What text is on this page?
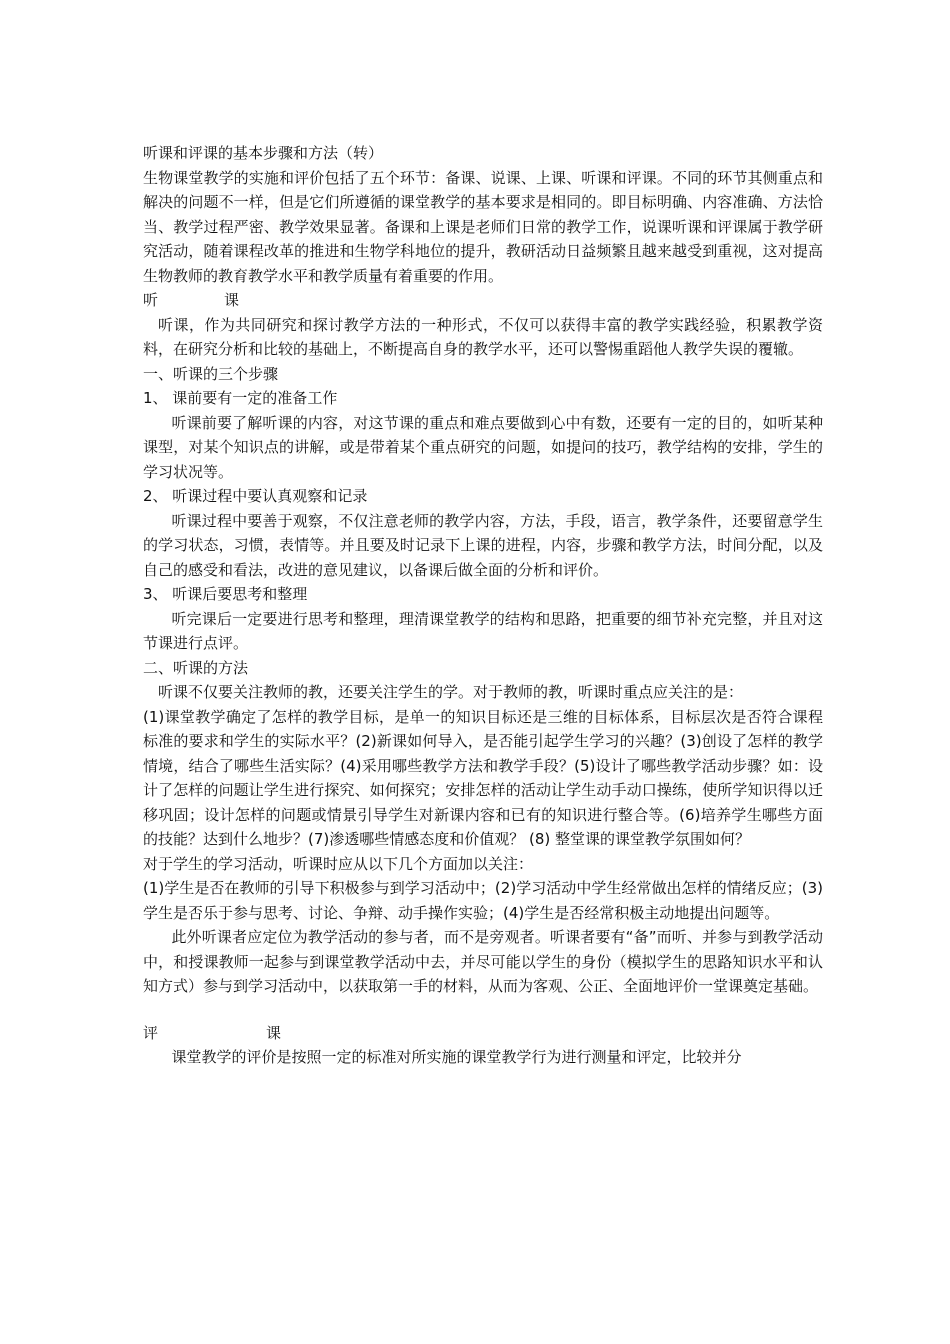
听课和评课的基本步骤和方法（转）

生物课堂教学的实施和评价包括了五个环节：备课、说课、上课、听课和评课。不同的环节其侧重点和解决的问题不一样，但是它们所遵循的课堂教学的基本要求是相同的。即目标明确、内容准确、方法恰当、教学过程严密、教学效果显著。备课和上课是老师们日常的教学工作，说课听课和评课属于教学研究活动，随着课程改革的推进和生物学科地位的提升，教研活动日益频繁且越来越受到重视，这对提高生物教师的教育教学水平和教学质量有着重要的作用。

听	课

听课，作为共同研究和探讨教学方法的一种形式，不仅可以获得丰富的教学实践经验，积累教学资料，在研究分析和比较的基础上，不断提高自身的教学水平，还可以警惕重蹈他人教学失误的覆辙。

一、听课的三个步骤

1、 课前要有一定的准备工作

听课前要了解听课的内容，对这节课的重点和难点要做到心中有数，还要有一定的目的，如听某种课型，对某个知识点的讲解，或是带着某个重点研究的问题，如提问的技巧，教学结构的安排，学生的学习状况等。

2、 听课过程中要认真观察和记录

听课过程中要善于观察，不仅注意老师的教学内容，方法，手段，语言，教学条件，还要留意学生的学习状态，习惯，表情等。并且要及时记录下上课的进程，内容，步骤和教学方法，时间分配，以及自己的感受和看法，改进的意见建议，以备课后做全面的分析和评价。

3、 听课后要思考和整理

听完课后一定要进行思考和整理，理清课堂教学的结构和思路，把重要的细节补充完整，并且对这节课进行点评。

二、听课的方法

听课不仅要关注教师的教，还要关注学生的学。对于教师的教，听课时重点应关注的是：

(1)课堂教学确定了怎样的教学目标，是单一的知识目标还是三维的目标体系，目标层次是否符合课程标准的要求和学生的实际水平？(2)新课如何导入，是否能引起学生学习的兴趣？(3)创设了怎样的教学情境，结合了哪些生活实际？(4)采用哪些教学方法和教学手段？(5)设计了哪些教学活动步骤？如：设计了怎样的问题让学生进行探究、如何探究；安排怎样的活动让学生动手动口操练，使所学知识得以迁移巩固；设计怎样的问题或情景引导学生对新课内容和已有的知识进行整合等。(6)培养学生哪些方面的技能？达到什么地步？(7)渗透哪些情感态度和价值观？ (8) 整堂课的课堂教学氛围如何？

对于学生的学习活动，听课时应从以下几个方面加以关注：

(1)学生是否在教师的引导下积极参与到学习活动中；(2)学习活动中学生经常做出怎样的情绪反应；(3)学生是否乐于参与思考、讨论、争辩、动手操作实验；(4)学生是否经常积极主动地提出问题等。

此外听课者应定位为教学活动的参与者，而不是旁观者。听课者要有“备”而听、并参与到教学活动中，和授课教师一起参与到课堂教学活动中去，并尽可能以学生的身份（模拟学生的思路知识水平和认知方式）参与到学习活动中，以获取第一手的材料，从而为客观、公正、全面地评价一堂课奠定基础。

评	课

课堂教学的评价是按照一定的标准对所实施的课堂教学行为进行测量和评定，比较并分
